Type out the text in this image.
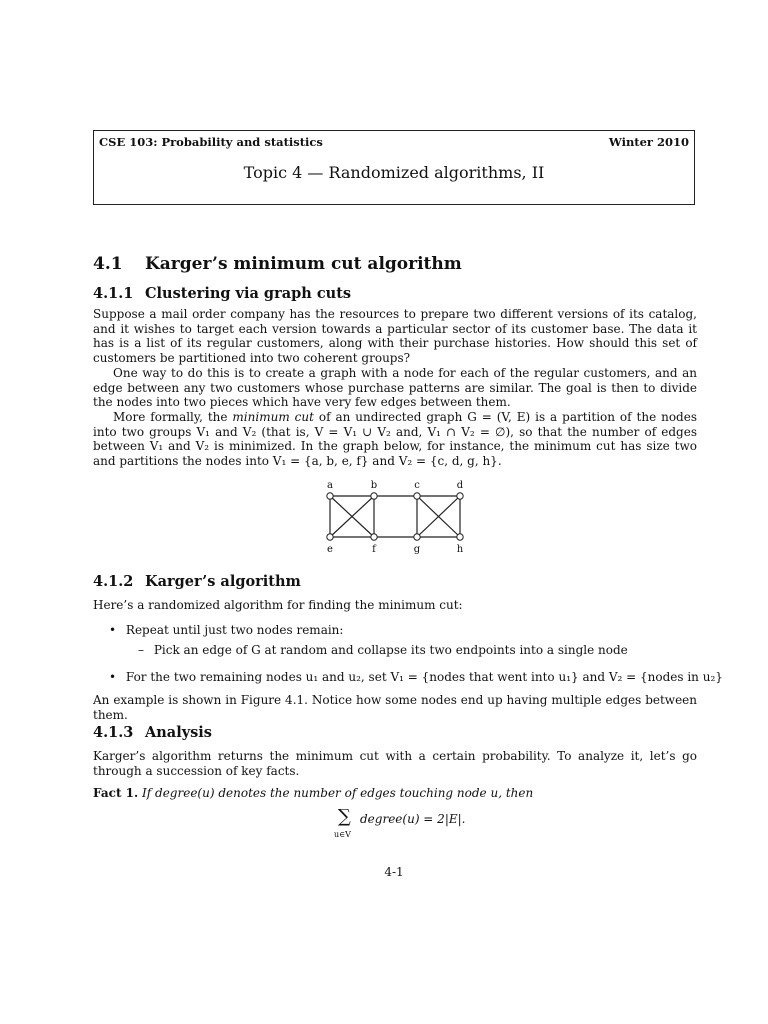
CSE 103: Probability and statistics	Winter 2010
Topic 4 — Randomized algorithms, II
4.1 Karger’s minimum cut algorithm
4.1.1 Clustering via graph cuts
Suppose a mail order company has the resources to prepare two different versions of its catalog, and it wishes to target each version towards a particular sector of its customer base. The data it has is a list of its regular customers, along with their purchase histories. How should this set of customers be partitioned into two coherent groups?
One way to do this is to create a graph with a node for each of the regular customers, and an edge between any two customers whose purchase patterns are similar. The goal is then to divide the nodes into two pieces which have very few edges between them.
More formally, the minimum cut of an undirected graph G = (V, E) is a partition of the nodes into two groups V₁ and V₂ (that is, V = V₁ ∪ V₂ and, V₁ ∩ V₂ = ∅), so that the number of edges between V₁ and V₂ is minimized. In the graph below, for instance, the minimum cut has size two and partitions the nodes into V₁ = {a, b, e, f} and V₂ = {c, d, g, h}.
a	b	c	d
e	f	g	h
4.1.2 Karger’s algorithm
Here’s a randomized algorithm for finding the minimum cut:
• Repeat until just two nodes remain:
– Pick an edge of G at random and collapse its two endpoints into a single node
• For the two remaining nodes u₁ and u₂, set V₁ = {nodes that went into u₁} and V₂ = {nodes in u₂}
An example is shown in Figure 4.1. Notice how some nodes end up having multiple edges between them.
4.1.3 Analysis
Karger’s algorithm returns the minimum cut with a certain probability. To analyze it, let’s go through a succession of key facts.
Fact 1. If degree(u) denotes the number of edges touching node u, then
∑
u∈V
degree(u) = 2|E|.
4-1
